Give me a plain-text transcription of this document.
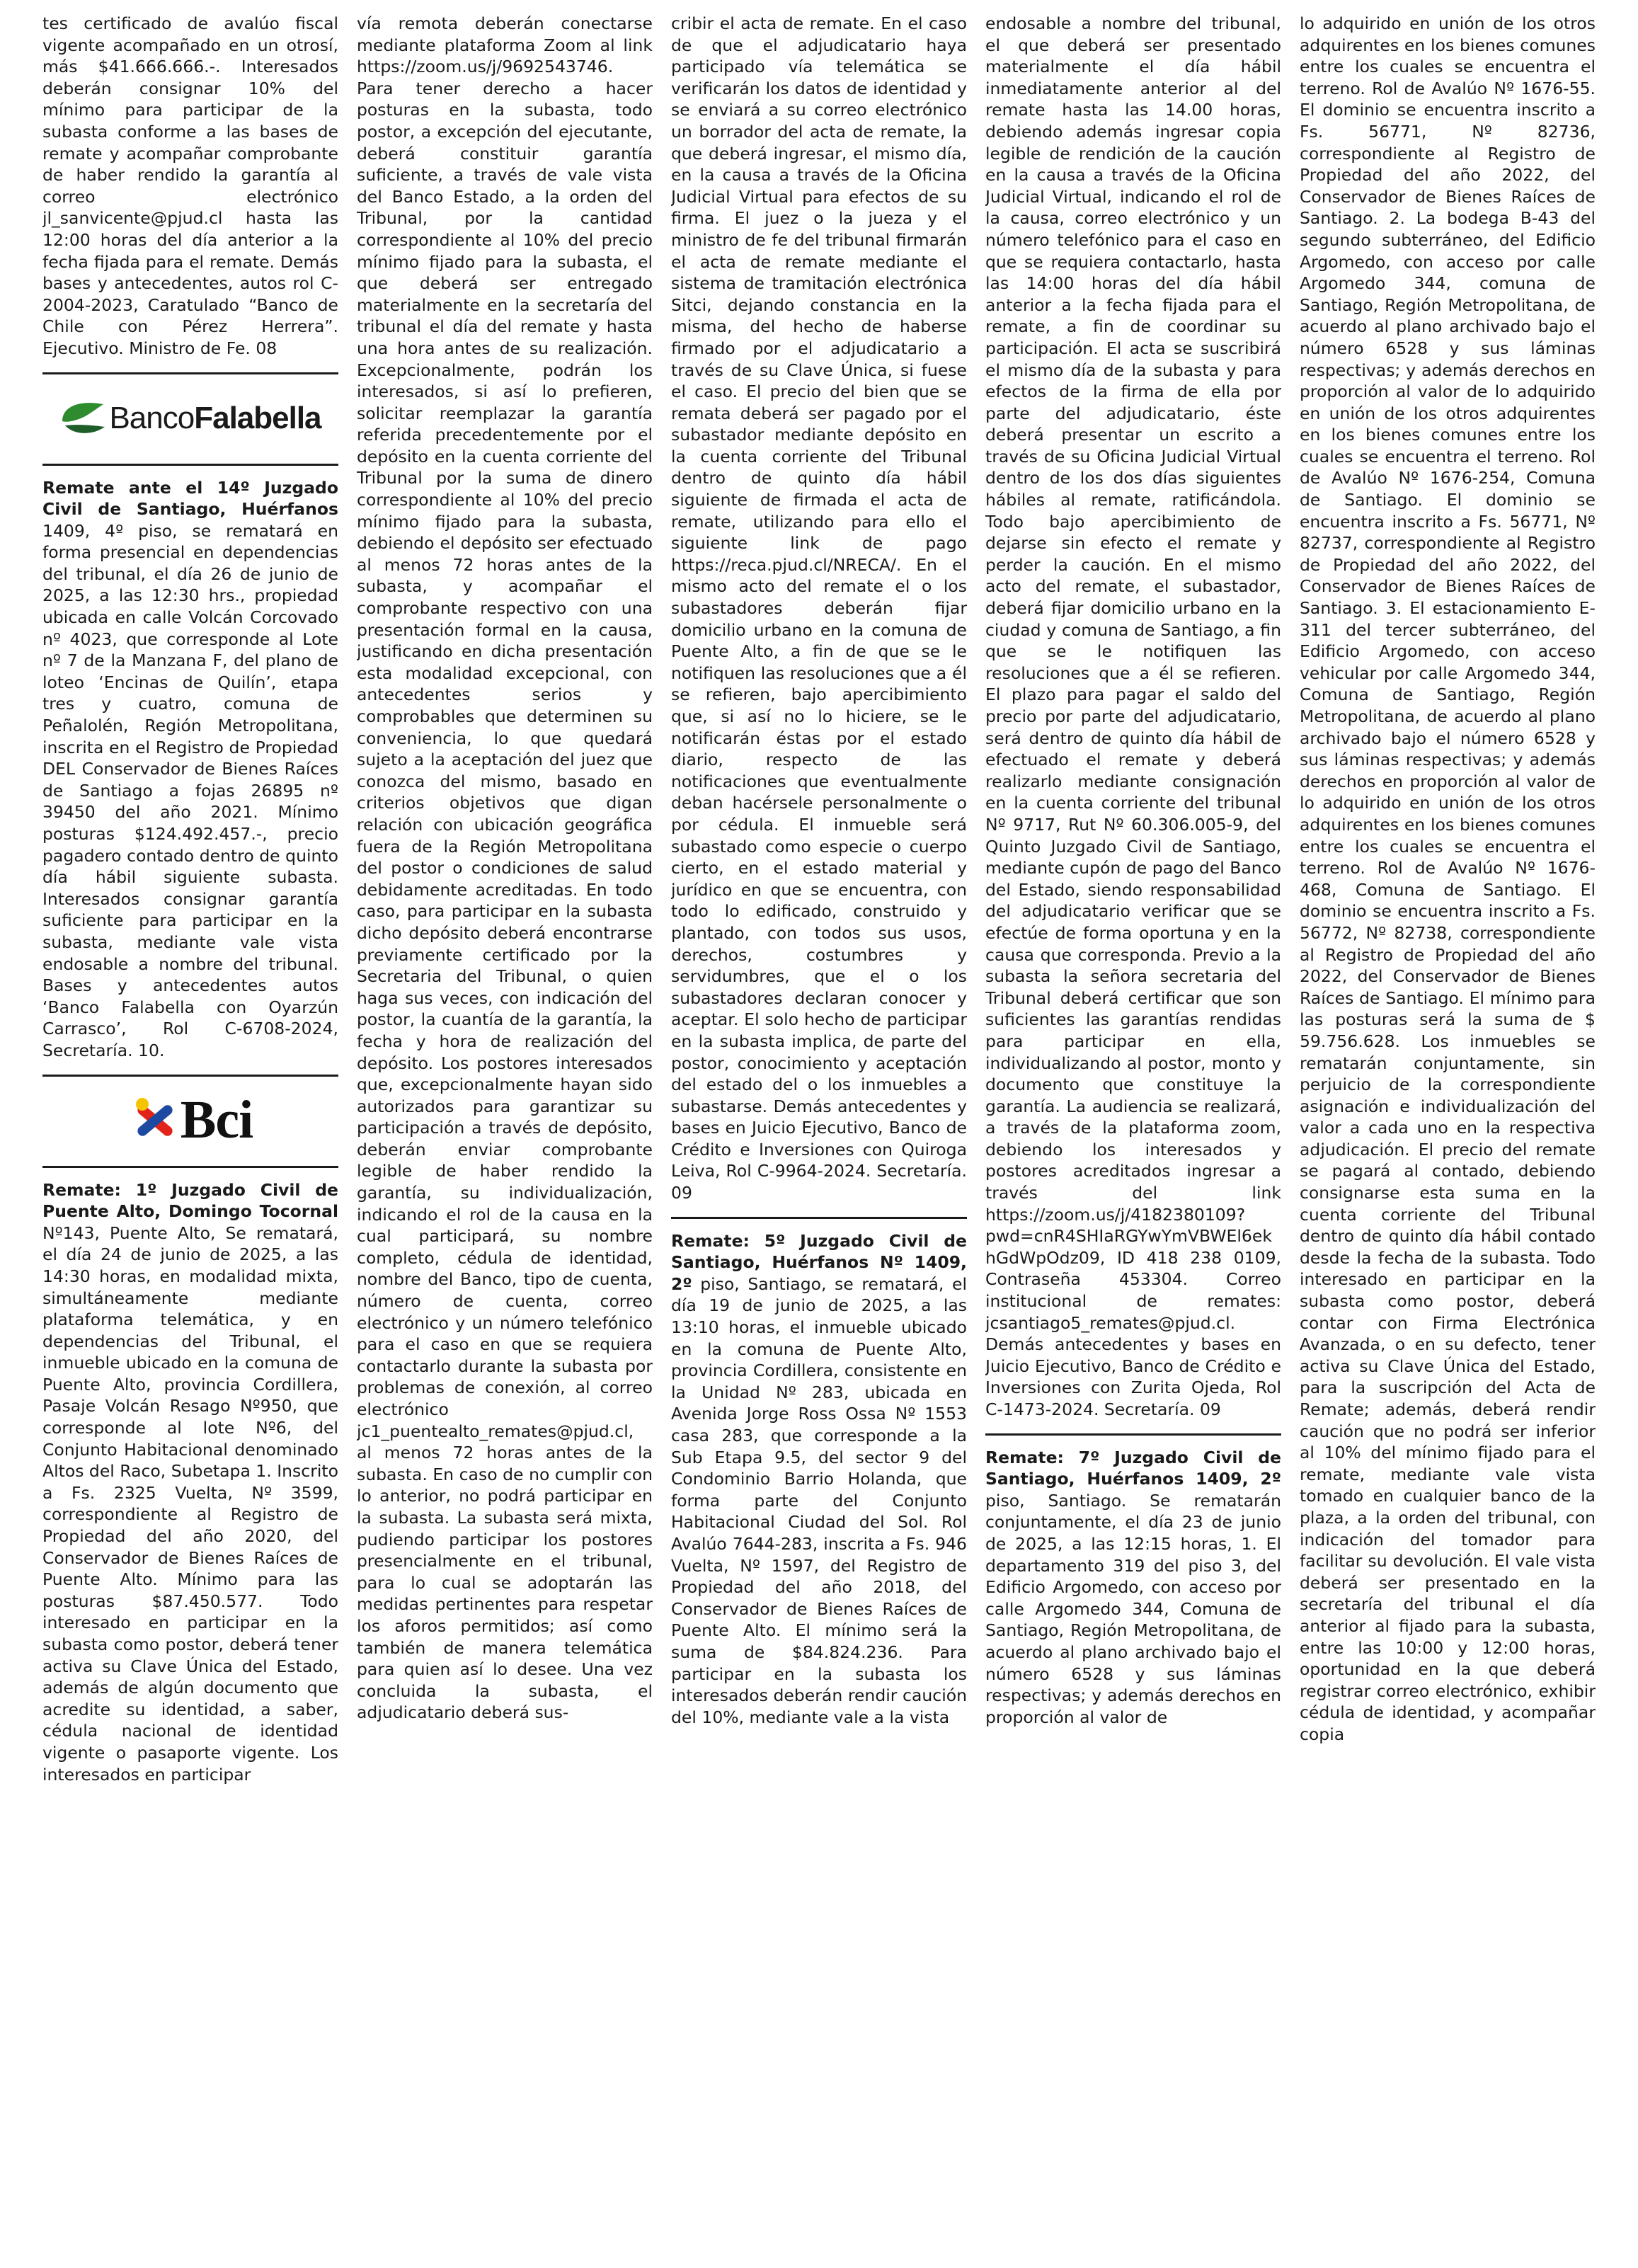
tes certificado de avalúo fiscal vigente acompañado en un otrosí, más $41.666.666.-. Interesados deberán consignar 10% del mínimo para participar de la subasta conforme a las bases de remate y acompañar comprobante de haber rendido la garantía al correo electrónico jl_sanvicente@pjud.cl hasta las 12:00 horas del día anterior a la fecha fijada para el remate. Demás bases y antecedentes, autos rol C-2004-2023, Caratulado “Banco de Chile con Pérez Herrera”. Ejecutivo. Ministro de Fe. 08

BancoFalabella

Remate ante el 14º Juzgado Civil de Santiago, Huérfanos 1409, 4º piso, se rematará en forma presencial en dependencias del tribunal, el día 26 de junio de 2025, a las 12:30 hrs., propiedad ubicada en calle Volcán Corcovado nº 4023, que corresponde al Lote nº 7 de la Manzana F, del plano de loteo ‘Encinas de Quilín’, etapa tres y cuatro, comuna de Peñalolén, Región Metropolitana, inscrita en el Registro de Propiedad DEL Conservador de Bienes Raíces de Santiago a fojas 26895 nº 39450 del año 2021. Mínimo posturas $124.492.457.-, precio pagadero contado dentro de quinto día hábil siguiente subasta. Interesados consignar garantía suficiente para participar en la subasta, mediante vale vista endosable a nombre del tribunal. Bases y antecedentes autos ‘Banco Falabella con Oyarzún Carrasco’, Rol C-6708-2024, Secretaría. 10.

Bci

Remate: 1º Juzgado Civil de Puente Alto, Domingo Tocornal Nº143, Puente Alto, Se rematará, el día 24 de junio de 2025, a las 14:30 horas, en modalidad mixta, simultáneamente mediante plataforma telemática, y en dependencias del Tribunal, el inmueble ubicado en la comuna de Puente Alto, provincia Cordillera, Pasaje Volcán Resago Nº950, que corresponde al lote Nº6, del Conjunto Habitacional denominado Altos del Raco, Subetapa 1. Inscrito a Fs. 2325 Vuelta, Nº 3599, correspondiente al Registro de Propiedad del año 2020, del Conservador de Bienes Raíces de Puente Alto. Mínimo para las posturas $87.450.577. Todo interesado en participar en la subasta como postor, deberá tener activa su Clave Única del Estado, además de algún documento que acredite su identidad, a saber, cédula nacional de identidad vigente o pasaporte vigente. Los interesados en participar

vía remota deberán conectarse mediante plataforma Zoom al link https://zoom.us/j/9692543746. Para tener derecho a hacer posturas en la subasta, todo postor, a excepción del ejecutante, deberá constituir garantía suficiente, a través de vale vista del Banco Estado, a la orden del Tribunal, por la cantidad correspondiente al 10% del precio mínimo fijado para la subasta, el que deberá ser entregado materialmente en la secretaría del tribunal el día del remate y hasta una hora antes de su realización. Excepcionalmente, podrán los interesados, si así lo prefieren, solicitar reemplazar la garantía referida precedentemente por el depósito en la cuenta corriente del Tribunal por la suma de dinero correspondiente al 10% del precio mínimo fijado para la subasta, debiendo el depósito ser efectuado al menos 72 horas antes de la subasta, y acompañar el comprobante respectivo con una presentación formal en la causa, justificando en dicha presentación esta modalidad excepcional, con antecedentes serios y comprobables que determinen su conveniencia, lo que quedará sujeto a la aceptación del juez que conozca del mismo, basado en criterios objetivos que digan relación con ubicación geográfica fuera de la Región Metropolitana del postor o condiciones de salud debidamente acreditadas. En todo caso, para participar en la subasta dicho depósito deberá encontrarse previamente certificado por la Secretaria del Tribunal, o quien haga sus veces, con indicación del postor, la cuantía de la garantía, la fecha y hora de realización del depósito. Los postores interesados que, excepcionalmente hayan sido autorizados para garantizar su participación a través de depósito, deberán enviar comprobante legible de haber rendido la garantía, su individualización, indicando el rol de la causa en la cual participará, su nombre completo, cédula de identidad, nombre del Banco, tipo de cuenta, número de cuenta, correo electrónico y un número telefónico para el caso en que se requiera contactarlo durante la subasta por problemas de conexión, al correo electrónico jc1_puentealto_remates@pjud.cl, al menos 72 horas antes de la subasta. En caso de no cumplir con lo anterior, no podrá participar en la subasta. La subasta será mixta, pudiendo participar los postores presencialmente en el tribunal, para lo cual se adoptarán las medidas pertinentes para respetar los aforos permitidos; así como también de manera telemática para quien así lo desee. Una vez concluida la subasta, el adjudicatario deberá sus-

cribir el acta de remate. En el caso de que el adjudicatario haya participado vía telemática se verificarán los datos de identidad y se enviará a su correo electrónico un borrador del acta de remate, la que deberá ingresar, el mismo día, en la causa a través de la Oficina Judicial Virtual para efectos de su firma. El juez o la jueza y el ministro de fe del tribunal firmarán el acta de remate mediante el sistema de tramitación electrónica Sitci, dejando constancia en la misma, del hecho de haberse firmado por el adjudicatario a través de su Clave Única, si fuese el caso. El precio del bien que se remata deberá ser pagado por el subastador mediante depósito en la cuenta corriente del Tribunal dentro de quinto día hábil siguiente de firmada el acta de remate, utilizando para ello el siguiente link de pago https://reca.pjud.cl/NRECA/. En el mismo acto del remate el o los subastadores deberán fijar domicilio urbano en la comuna de Puente Alto, a fin de que se le notifiquen las resoluciones que a él se refieren, bajo apercibimiento que, si así no lo hiciere, se le notificarán éstas por el estado diario, respecto de las notificaciones que eventualmente deban hacérsele personalmente o por cédula. El inmueble será subastado como especie o cuerpo cierto, en el estado material y jurídico en que se encuentra, con todo lo edificado, construido y plantado, con todos sus usos, derechos, costumbres y servidumbres, que el o los subastadores declaran conocer y aceptar. El solo hecho de participar en la subasta implica, de parte del postor, conocimiento y aceptación del estado del o los inmuebles a subastarse. Demás antecedentes y bases en Juicio Ejecutivo, Banco de Crédito e Inversiones con Quiroga Leiva, Rol C-9964-2024. Secretaría. 09

Remate: 5º Juzgado Civil de Santiago, Huérfanos Nº 1409, 2º piso, Santiago, se rematará, el día 19 de junio de 2025, a las 13:10 horas, el inmueble ubicado en la comuna de Puente Alto, provincia Cordillera, consistente en la Unidad Nº 283, ubicada en Avenida Jorge Ross Ossa Nº 1553 casa 283, que corresponde a la Sub Etapa 9.5, del sector 9 del Condominio Barrio Holanda, que forma parte del Conjunto Habitacional Ciudad del Sol. Rol Avalúo 7644-283, inscrita a Fs. 946 Vuelta, Nº 1597, del Registro de Propiedad del año 2018, del Conservador de Bienes Raíces de Puente Alto. El mínimo será la suma de $84.824.236. Para participar en la subasta los interesados deberán rendir caución del 10%, mediante vale a la vista

endosable a nombre del tribunal, el que deberá ser presentado materialmente el día hábil inmediatamente anterior al del remate hasta las 14.00 horas, debiendo además ingresar copia legible de rendición de la caución en la causa a través de la Oficina Judicial Virtual, indicando el rol de la causa, correo electrónico y un número telefónico para el caso en que se requiera contactarlo, hasta las 14:00 horas del día hábil anterior a la fecha fijada para el remate, a fin de coordinar su participación. El acta se suscribirá el mismo día de la subasta y para efectos de la firma de ella por parte del adjudicatario, éste deberá presentar un escrito a través de su Oficina Judicial Virtual dentro de los dos días siguientes hábiles al remate, ratificándola. Todo bajo apercibimiento de dejarse sin efecto el remate y perder la caución. En el mismo acto del remate, el subastador, deberá fijar domicilio urbano en la ciudad y comuna de Santiago, a fin que se le notifiquen las resoluciones que a él se refieren. El plazo para pagar el saldo del precio por parte del adjudicatario, será dentro de quinto día hábil de efectuado el remate y deberá realizarlo mediante consignación en la cuenta corriente del tribunal Nº 9717, Rut Nº 60.306.005-9, del Quinto Juzgado Civil de Santiago, mediante cupón de pago del Banco del Estado, siendo responsabilidad del adjudicatario verificar que se efectúe de forma oportuna y en la causa que corresponda. Previo a la subasta la señora secretaria del Tribunal deberá certificar que son suficientes las garantías rendidas para participar en ella, individualizando al postor, monto y documento que constituye la garantía. La audiencia se realizará, a través de la plataforma zoom, debiendo los interesados y postores acreditados ingresar a través del link https://zoom.us/j/4182380109?pwd=cnR4SHIaRGYwYmVBWEl6ekhGdWpOdz09, ID 418 238 0109, Contraseña 453304. Correo institucional de remates: jcsantiago5_remates@pjud.cl. Demás antecedentes y bases en Juicio Ejecutivo, Banco de Crédito e Inversiones con Zurita Ojeda, Rol C-1473-2024. Secretaría. 09

Remate: 7º Juzgado Civil de Santiago, Huérfanos 1409, 2º piso, Santiago. Se rematarán conjuntamente, el día 23 de junio de 2025, a las 12:15 horas, 1. El departamento 319 del piso 3, del Edificio Argomedo, con acceso por calle Argomedo 344, Comuna de Santiago, Región Metropolitana, de acuerdo al plano archivado bajo el número 6528 y sus láminas respectivas; y además derechos en proporción al valor de

lo adquirido en unión de los otros adquirentes en los bienes comunes entre los cuales se encuentra el terreno. Rol de Avalúo Nº 1676-55. El dominio se encuentra inscrito a Fs. 56771, Nº 82736, correspondiente al Registro de Propiedad del año 2022, del Conservador de Bienes Raíces de Santiago. 2. La bodega B-43 del segundo subterráneo, del Edificio Argomedo, con acceso por calle Argomedo 344, comuna de Santiago, Región Metropolitana, de acuerdo al plano archivado bajo el número 6528 y sus láminas respectivas; y además derechos en proporción al valor de lo adquirido en unión de los otros adquirentes en los bienes comunes entre los cuales se encuentra el terreno. Rol de Avalúo Nº 1676-254, Comuna de Santiago. El dominio se encuentra inscrito a Fs. 56771, Nº 82737, correspondiente al Registro de Propiedad del año 2022, del Conservador de Bienes Raíces de Santiago. 3. El estacionamiento E-311 del tercer subterráneo, del Edificio Argomedo, con acceso vehicular por calle Argomedo 344, Comuna de Santiago, Región Metropolitana, de acuerdo al plano archivado bajo el número 6528 y sus láminas respectivas; y además derechos en proporción al valor de lo adquirido en unión de los otros adquirentes en los bienes comunes entre los cuales se encuentra el terreno. Rol de Avalúo Nº 1676-468, Comuna de Santiago. El dominio se encuentra inscrito a Fs. 56772, Nº 82738, correspondiente al Registro de Propiedad del año 2022, del Conservador de Bienes Raíces de Santiago. El mínimo para las posturas será la suma de $ 59.756.628. Los inmuebles se rematarán conjuntamente, sin perjuicio de la correspondiente asignación e individualización del valor a cada uno en la respectiva adjudicación. El precio del remate se pagará al contado, debiendo consignarse esta suma en la cuenta corriente del Tribunal dentro de quinto día hábil contado desde la fecha de la subasta. Todo interesado en participar en la subasta como postor, deberá contar con Firma Electrónica Avanzada, o en su defecto, tener activa su Clave Única del Estado, para la suscripción del Acta de Remate; además, deberá rendir caución que no podrá ser inferior al 10% del mínimo fijado para el remate, mediante vale vista tomado en cualquier banco de la plaza, a la orden del tribunal, con indicación del tomador para facilitar su devolución. El vale vista deberá ser presentado en la secretaría del tribunal el día anterior al fijado para la subasta, entre las 10:00 y 12:00 horas, oportunidad en la que deberá registrar correo electrónico, exhibir cédula de identidad, y acompañar copia
